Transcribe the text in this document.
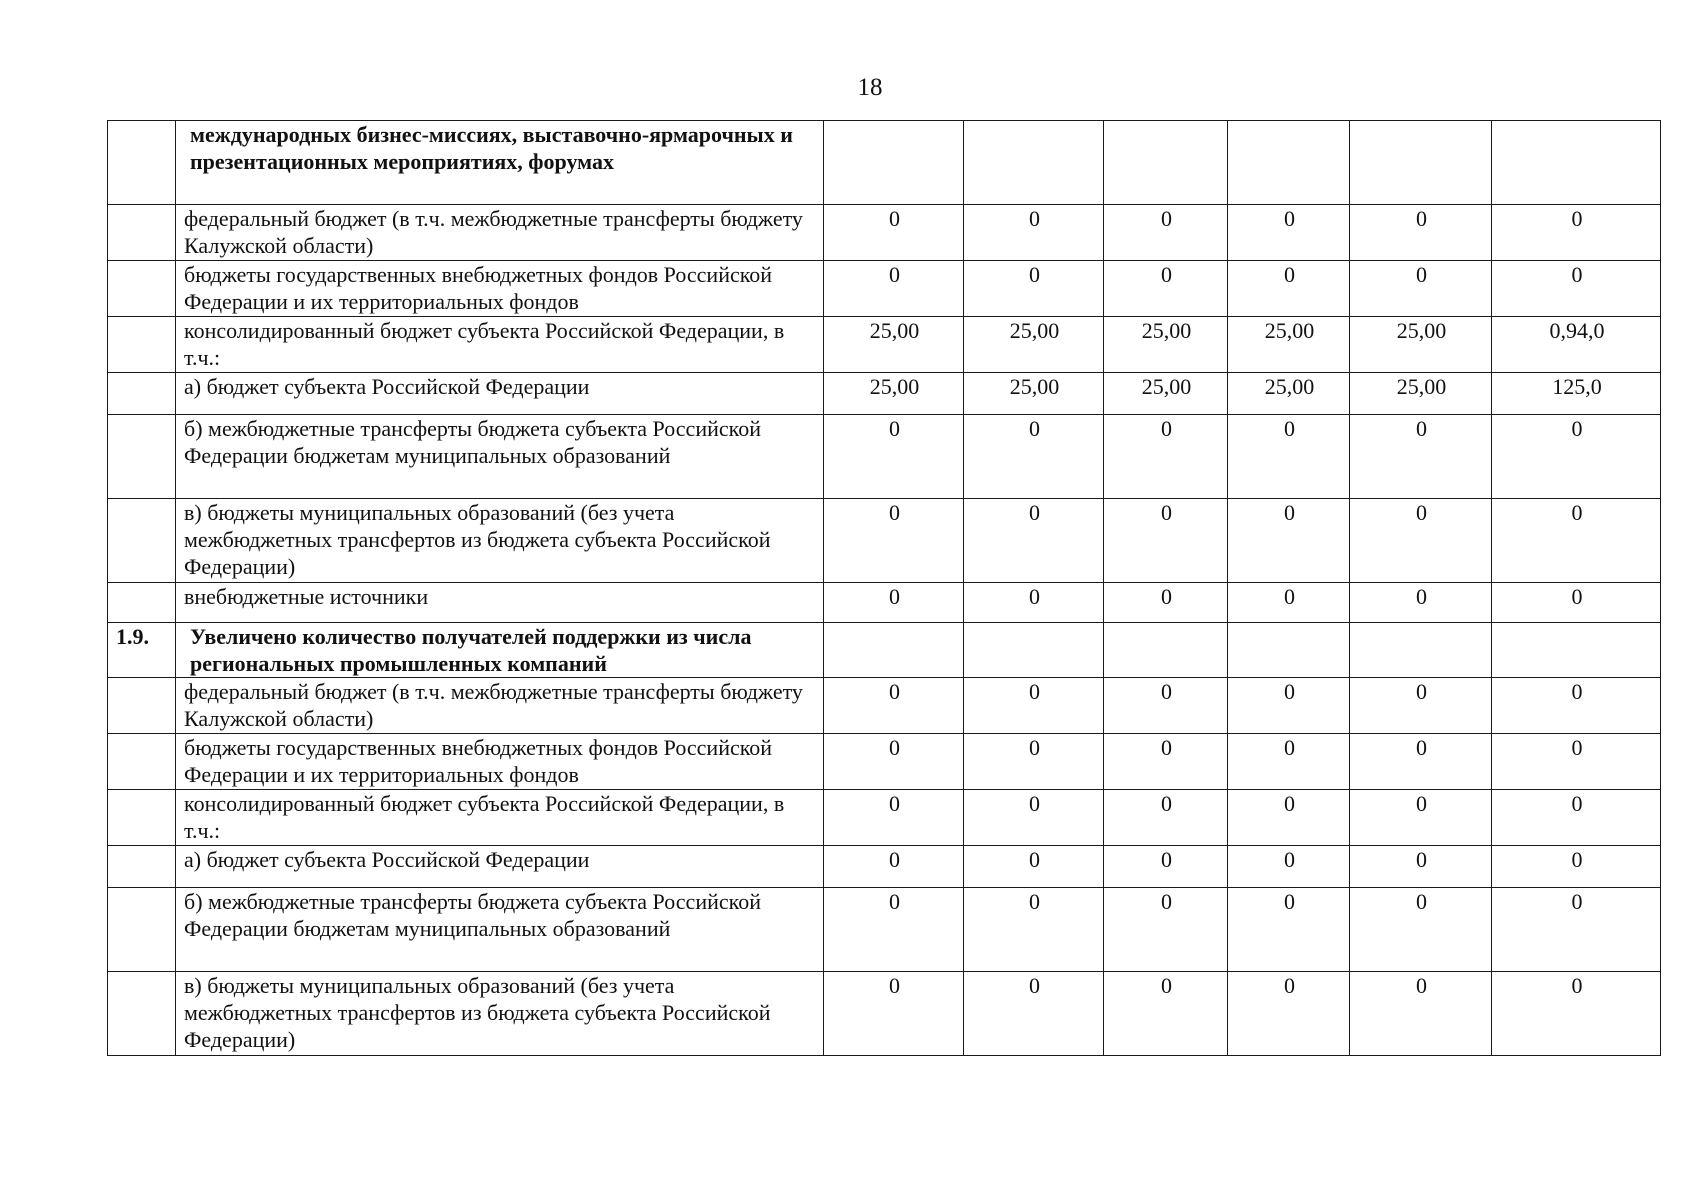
18
	международных бизнес-миссиях, выставочно-ярмарочных и презентационных мероприятиях, форумах						
	федеральный бюджет (в т.ч. межбюджетные трансферты бюджету Калужской области)	0	0	0	0	0	0
	бюджеты государственных внебюджетных фондов Российской Федерации и их территориальных фондов	0	0	0	0	0	0
	консолидированный бюджет субъекта Российской Федерации, в т.ч.:	25,00	25,00	25,00	25,00	25,00	0,94,0
	а) бюджет субъекта Российской Федерации	25,00	25,00	25,00	25,00	25,00	125,0
	б) межбюджетные трансферты бюджета субъекта Российской Федерации бюджетам муниципальных образований	0	0	0	0	0	0
	в) бюджеты муниципальных образований (без учета межбюджетных трансфертов из бюджета субъекта Российской Федерации)	0	0	0	0	0	0
	внебюджетные источники	0	0	0	0	0	0
1.9.	Увеличено количество получателей поддержки из числа региональных промышленных компаний						
	федеральный бюджет (в т.ч. межбюджетные трансферты бюджету Калужской области)	0	0	0	0	0	0
	бюджеты государственных внебюджетных фондов Российской Федерации и их территориальных фондов	0	0	0	0	0	0
	консолидированный бюджет субъекта Российской Федерации, в т.ч.:	0	0	0	0	0	0
	а) бюджет субъекта Российской Федерации	0	0	0	0	0	0
	б) межбюджетные трансферты бюджета субъекта Российской Федерации бюджетам муниципальных образований	0	0	0	0	0	0
	в) бюджеты муниципальных образований (без учета межбюджетных трансфертов из бюджета субъекта Российской Федерации)	0	0	0	0	0	0
